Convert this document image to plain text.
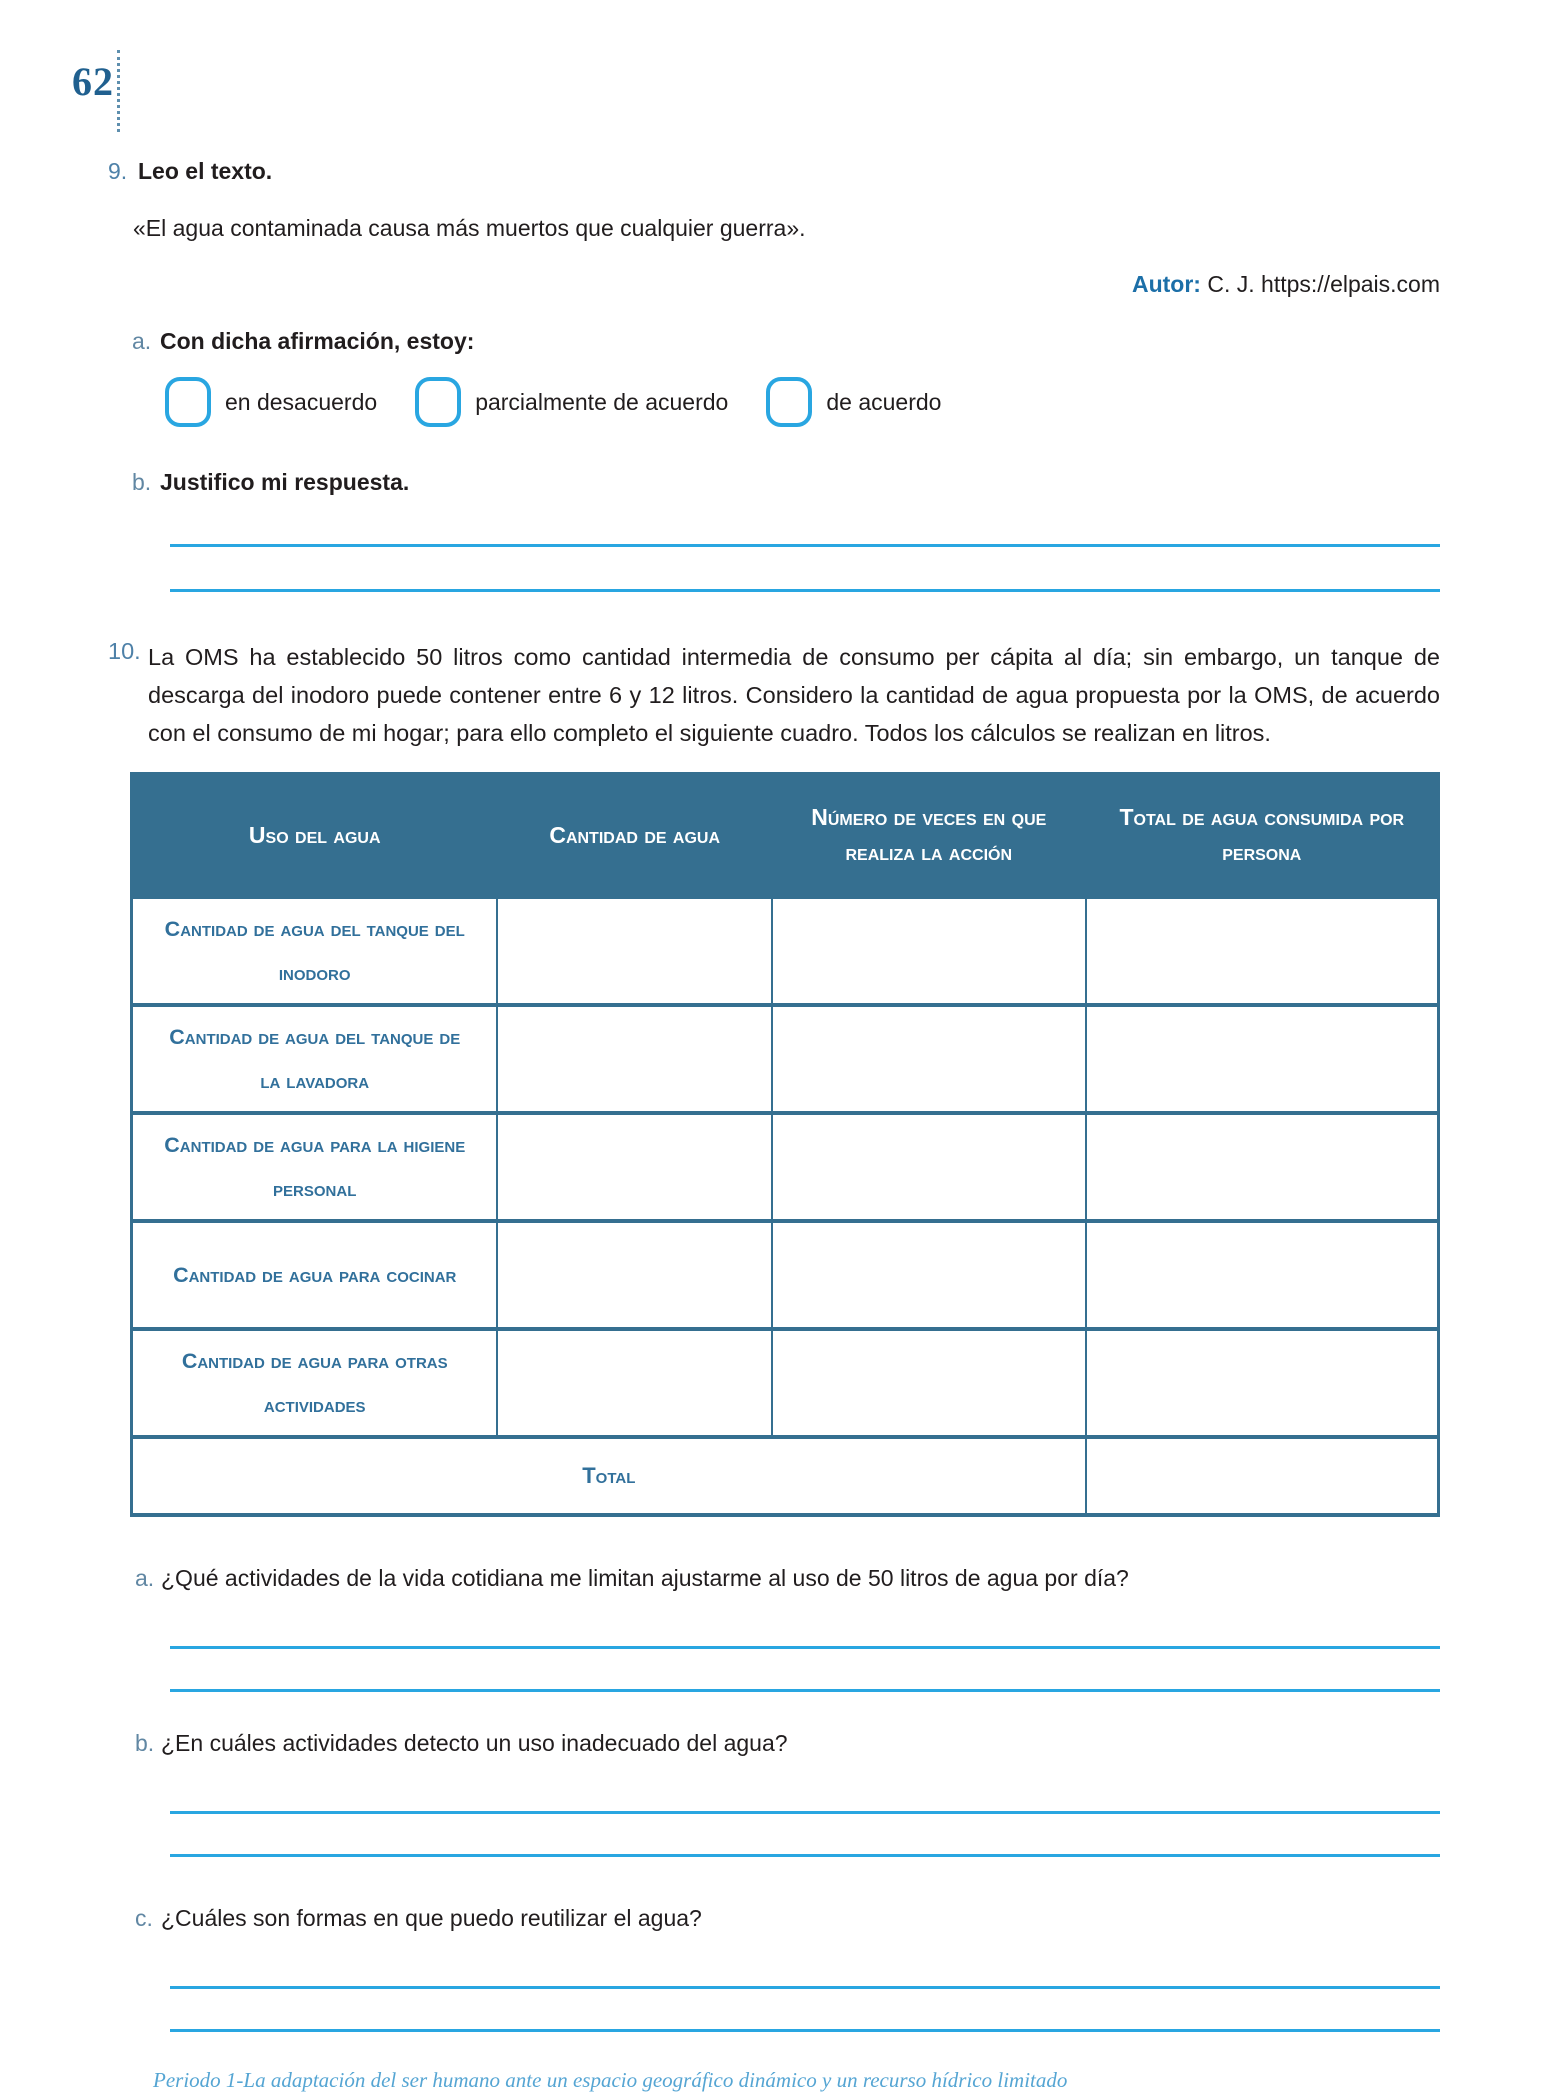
62
9. Leo el texto.
«El agua contaminada causa más muertos que cualquier guerra».
Autor: C. J. https://elpais.com
a. Con dicha afirmación, estoy:
en desacuerdo	parcialmente de acuerdo	de acuerdo
b. Justifico mi respuesta.
10. La OMS ha establecido 50 litros como cantidad intermedia de consumo per cápita al día; sin embargo, un tanque de descarga del inodoro puede contener entre 6 y 12 litros. Considero la cantidad de agua propuesta por la OMS, de acuerdo con el consumo de mi hogar; para ello completo el siguiente cuadro. Todos los cálculos se realizan en litros.
Uso del agua	Cantidad de agua	Número de veces en que realiza la acción	Total de agua consumida por persona
Cantidad de agua del tanque del inodoro			
Cantidad de agua del tanque de la lavadora			
Cantidad de agua para la higiene personal			
Cantidad de agua para cocinar			
Cantidad de agua para otras actividades			
Total			
a. ¿Qué actividades de la vida cotidiana me limitan ajustarme al uso de 50 litros de agua por día?
b. ¿En cuáles actividades detecto un uso inadecuado del agua?
c. ¿Cuáles son formas en que puedo reutilizar el agua?
Periodo 1-La adaptación del ser humano ante un espacio geográfico dinámico y un recurso hídrico limitado
